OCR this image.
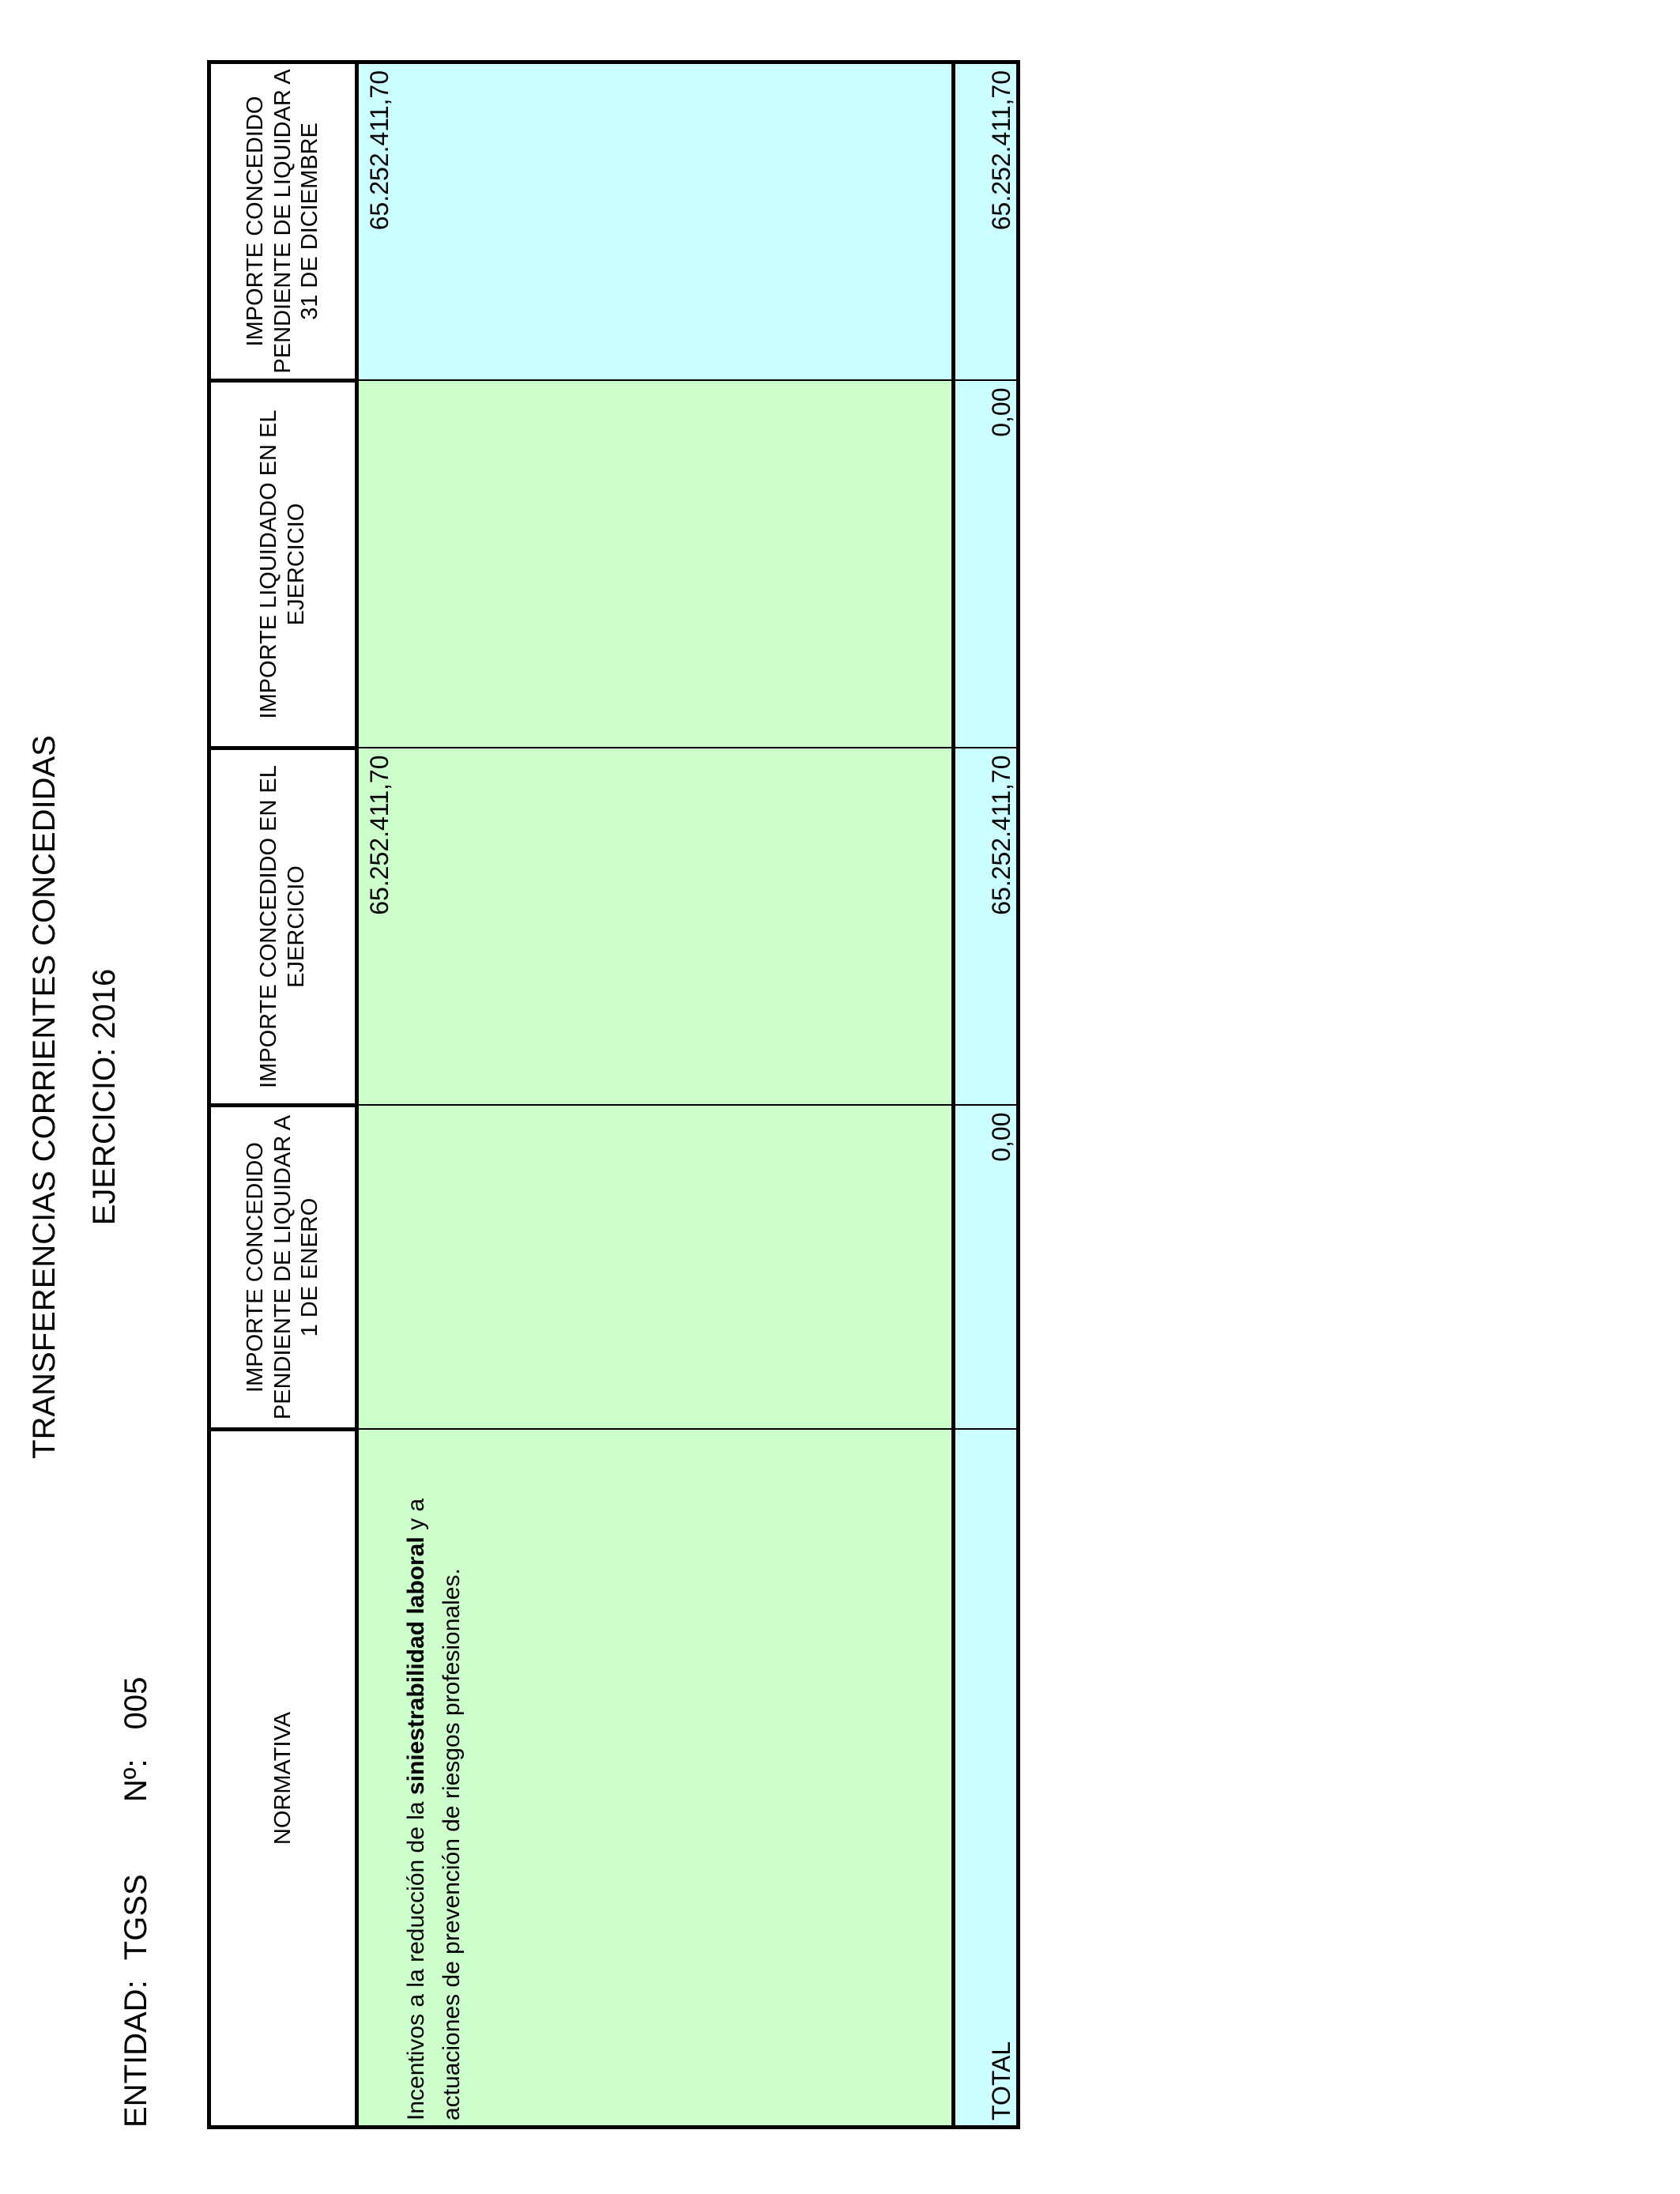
TRANSFERENCIAS CORRIENTES CONCEDIDAS EJERCICIO: 2016
ENTIDAD: TGSS Nº: 005
NORMATIVA	IMPORTE CONCEDIDO PENDIENTE DE LIQUIDAR A 1 DE ENERO	IMPORTE CONCEDIDO EN EL EJERCICIO	IMPORTE LIQUIDADO EN EL EJERCICIO	IMPORTE CONCEDIDO PENDIENTE DE LIQUIDAR A 31 DE DICIEMBRE
Incentivos a la reducción de la siniestrabilidad laboral y a actuaciones de prevención de riesgos profesionales.		65.252.411,70		65.252.411,70
TOTAL	0,00	65.252.411,70	0,00	65.252.411,70
